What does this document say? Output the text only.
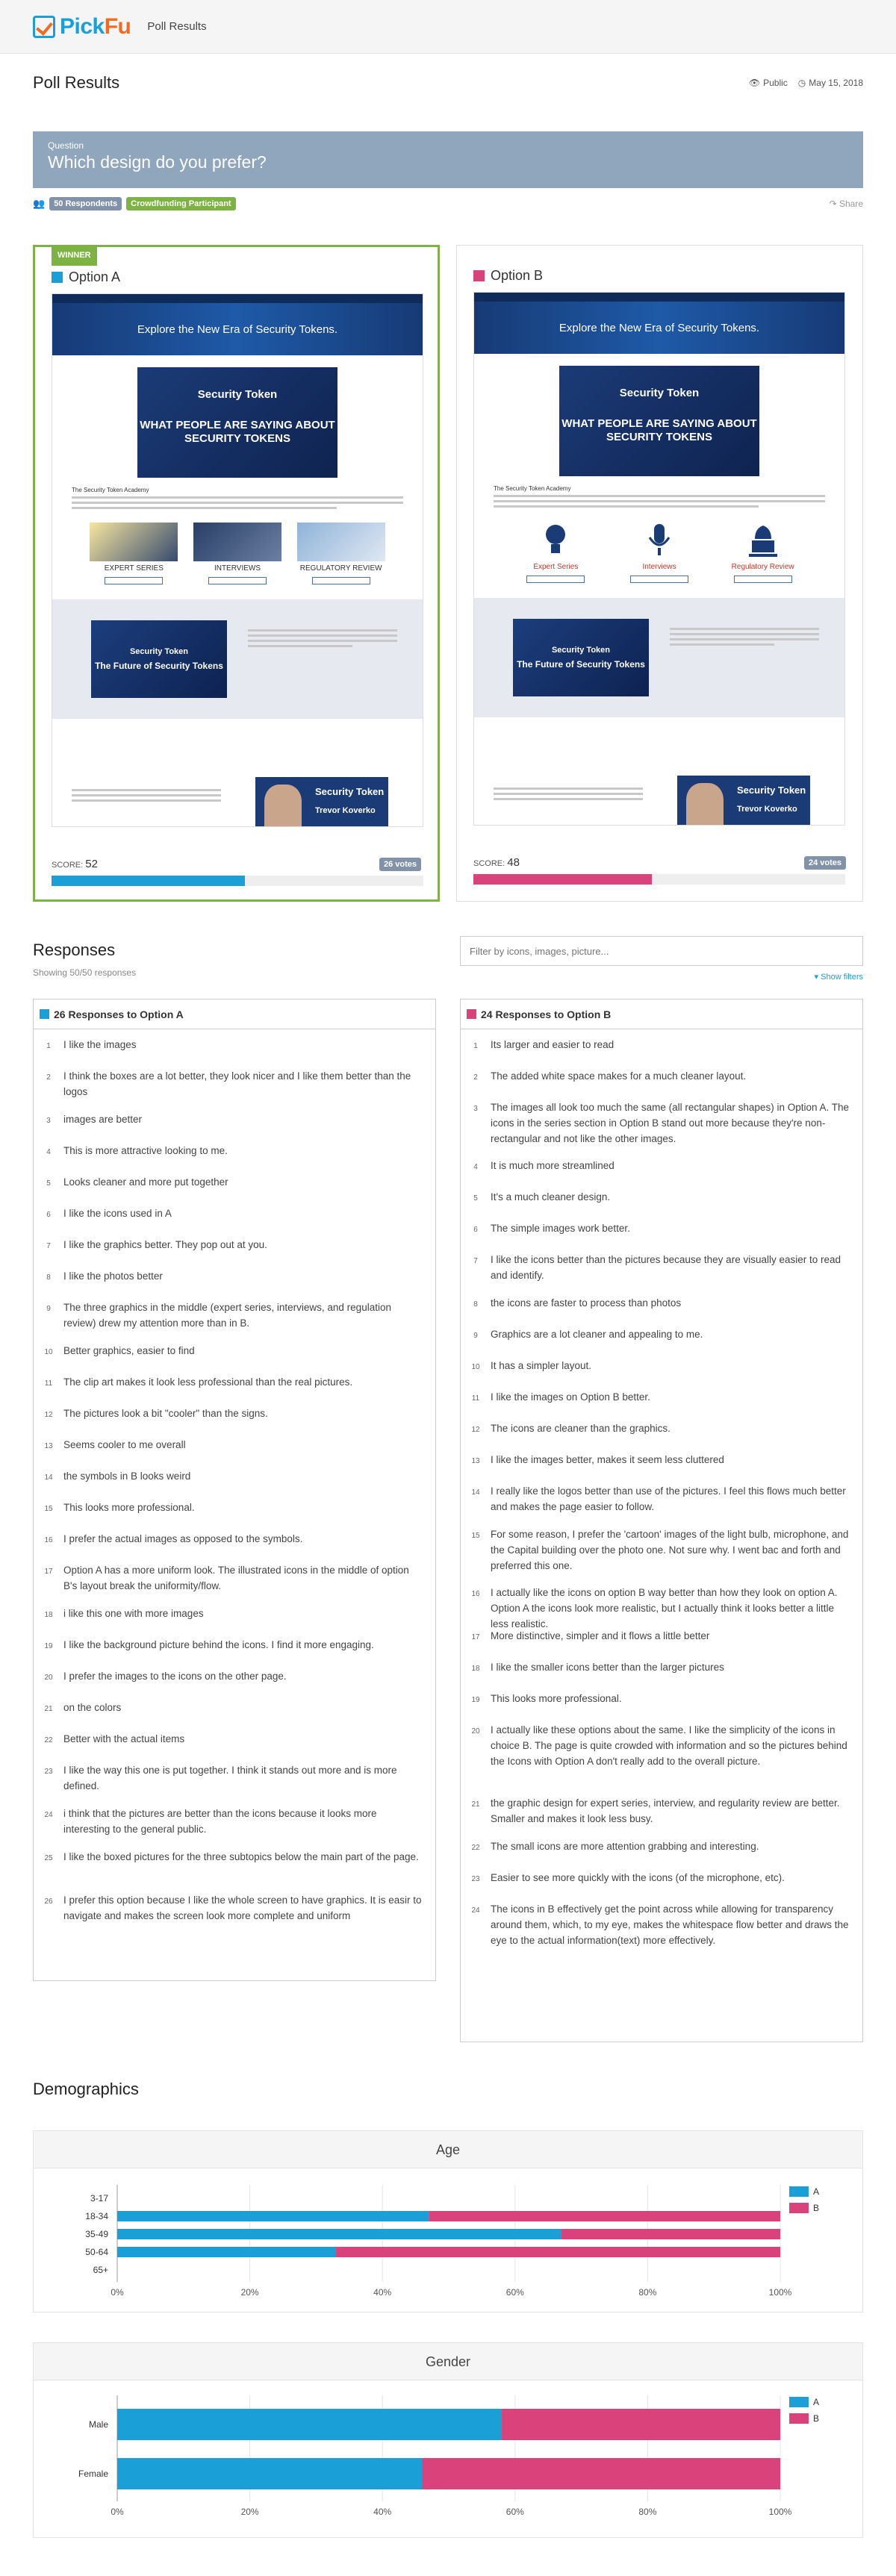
PickFu Poll Results
Poll Results	👁 Public ◷ May 15, 2018
Question
Which design do you prefer?
👥	50 Respondents	Crowdfunding Participant	↷ Share
WINNER
Option A
Explore the New Era of Security Tokens.
Security Token
WHAT PEOPLE ARE SAYING ABOUT SECURITY TOKENS
The Security Token Academy
EXPERT SERIES	INTERVIEWS	REGULATORY REVIEW
Security Token
The Future of Security Tokens
Security Token
Trevor Koverko
SCORE: 52	26 votes
Option B
Explore the New Era of Security Tokens.
Security Token
WHAT PEOPLE ARE SAYING ABOUT SECURITY TOKENS
The Security Token Academy
Expert Series	Interviews	Regulatory Review
Security Token
The Future of Security Tokens
Security Token
Trevor Koverko
SCORE: 48	24 votes
Responses
Showing 50/50 responses
Filter by icons, images, picture...	▾ Show filters
26 Responses to Option A
1	I like the images
2	I think the boxes are a lot better, they look nicer and I like them better than the logos
3	images are better
4	This is more attractive looking to me.
5	Looks cleaner and more put together
6	I like the icons used in A
7	I like the graphics better. They pop out at you.
8	I like the photos better
9	The three graphics in the middle (expert series, interviews, and regulation review) drew my attention more than in B.
10	Better graphics, easier to find
11	The clip art makes it look less professional than the real pictures.
12	The pictures look a bit "cooler" than the signs.
13	Seems cooler to me overall
14	the symbols in B looks weird
15	This looks more professional.
16	I prefer the actual images as opposed to the symbols.
17	Option A has a more uniform look. The illustrated icons in the middle of option B's layout break the uniformity/flow.
18	i like this one with more images
19	I like the background picture behind the icons. I find it more engaging.
20	I prefer the images to the icons on the other page.
21	on the colors
22	Better with the actual items
23	I like the way this one is put together. I think it stands out more and is more defined.
24	i think that the pictures are better than the icons because it looks more interesting to the general public.
25	I like the boxed pictures for the three subtopics below the main part of the page.
26	I prefer this option because I like the whole screen to have graphics. It is easir to navigate and makes the screen look more complete and uniform
24 Responses to Option B
1	Its larger and easier to read
2	The added white space makes for a much cleaner layout.
3	The images all look too much the same (all rectangular shapes) in Option A. The icons in the series section in Option B stand out more because they're non-rectangular and not like the other images.
4	It is much more streamlined
5	It's a much cleaner design.
6	The simple images work better.
7	I like the icons better than the pictures because they are visually easier to read and identify.
8	the icons are faster to process than photos
9	Graphics are a lot cleaner and appealing to me.
10	It has a simpler layout.
11	I like the images on Option B better.
12	The icons are cleaner than the graphics.
13	I like the images better, makes it seem less cluttered
14	I really like the logos better than use of the pictures. I feel this flows much better and makes the page easier to follow.
15	For some reason, I prefer the 'cartoon' images of the light bulb, microphone, and the Capital building over the photo one. Not sure why. I went bac and forth and preferred this one.
16	I actually like the icons on option B way better than how they look on option A. Option A the icons look more realistic, but I actually think it looks better a little less realistic.
17	More distinctive, simpler and it flows a little better
18	I like the smaller icons better than the larger pictures
19	This looks more professional.
20	I actually like these options about the same. I like the simplicity of the icons in choice B. The page is quite crowded with information and so the pictures behind the Icons with Option A don't really add to the overall picture.
21	the graphic design for expert series, interview, and regularity review are better. Smaller and makes it look less busy.
22	The small icons are more attention grabbing and interesting.
23	Easier to see more quickly with the icons (of the microphone, etc).
24	The icons in B effectively get the point across while allowing for transparency around them, which, to my eye, makes the whitespace flow better and draws the eye to the actual information(text) more effectively.
Demographics
Age
0%	20%	40%	60%	80%	100%
3-17
18-34
35-49
50-64
65+
A
B
Gender
0%	20%	40%	60%	80%	100%
Male
Female
A
B
